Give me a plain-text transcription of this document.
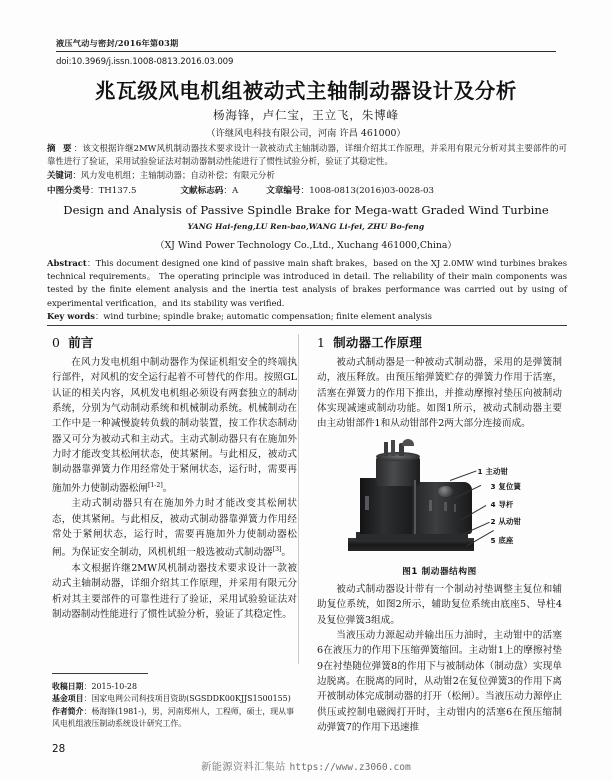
液压气动与密封/2016年第03期
doi:10.3969/j.issn.1008-0813.2016.03.009
兆瓦级风电机组被动式主轴制动器设计及分析
杨海锋，卢仁宝，王立飞，朱博峰
（许继风电科技有限公司，河南 许昌 461000）
摘 要：该文根据许继2MW风机制动器技术要求设计一款被动式主轴制动器，详细介绍其工作原理，并采用有限元分析对其主要部件的可靠性进行了验证，采用试验验证法对制动器制动性能进行了惯性试验分析，验证了其稳定性。
关键词：风力发电机组；主轴制动器；自动补偿；有限元分析
中图分类号：TH137.5	文献标志码：A	文章编号：1008-0813(2016)03-0028-03
Design and Analysis of Passive Spindle Brake for Mega-watt Graded Wind Turbine
YANG Hai-feng,LU Ren-bao,WANG Li-fei, ZHU Bo-feng
（XJ Wind Power Technology Co.,Ltd., Xuchang 461000,China）
Abstract：This document designed one kind of passive main shaft brakes，based on the XJ 2.0MW wind turbines brakes technical requirements。 The operating principle was introduced in detail. The reliability of their main components was tested by the finite element analysis and the inertia test analysis of brakes performance was carried out by using of experimental verification，and its stability was verified.
Key words：wind turbine; spindle brake; automatic compensation; finite element analysis
0 前言

在风力发电机组中制动器作为保证机组安全的终端执行部件，对风机的安全运行起着不可替代的作用。按照GL认证的相关内容，风机发电机组必须设有两套独立的制动系统，分别为气动制动系统和机械制动系统。机械制动在工作中是一种减慢旋转负载的制动装置，按工作状态制动器又可分为被动式和主动式。主动式制动器只有在施加外力时才能改变其松闸状态，使其紧闸。与此相反，被动式制动器靠弹簧力作用经常处于紧闸状态，运行时，需要再施加外力使制动器松闸[1-2]。

主动式制动器只有在施加外力时才能改变其松闸状态，使其紧闸。与此相反，被动式制动器靠弹簧力作用经常处于紧闸状态，运行时，需要再施加外力使制动器松闸。为保证安全制动，风机机组一般选被动式制动器[3]。

本文根据许继2MW风机制动器技术要求设计一款被动式主轴制动器，详细介绍其工作原理，并采用有限元分析对其主要部件的可靠性进行了验证，采用试验验证法对制动器制动性能进行了惯性试验分析，验证了其稳定性。

1 制动器工作原理

被动式制动器是一种被动式制动器，采用的是弹簧制动，液压释放。由预压缩弹簧贮存的弹簧力作用于活塞，活塞在弹簧力的作用下推出，并推动摩擦衬垫压向被制动体实现减速或制动功能。如图1所示，被动式制动器主要由主动钳部件1和从动钳部件2两大部分连接而成。

1 主动钳
3 复位簧
4 导杆
2 从动钳
5 底座
图1 制动器结构图

被动式制动器设计带有一个制动衬垫调整主复位和辅助复位系统，如图2所示，辅助复位系统由底座5、导柱4及复位弹簧3组成。

当液压动力源起动并输出压力油时，主动钳中的活塞6在液压力的作用下压缩弹簧缩回。主动钳1上的摩擦衬垫9在衬垫随位弹簧8的作用下与被制动体（制动盘）实现单边脱离。在脱离的同时，从动钳2在复位弹簧3的作用下离开被制动体完成制动器的打开（松闸）。当液压动力源停止供压或控制电磁阀打开时，主动钳内的活塞6在预压缩制动弹簧7的作用下迅速推

收稿日期：2015-10-28
基金项目：国家电网公司科技项目资助(SGSDDK00KJJS1500155)
作者简介：杨海锋(1981-)，男，河南郑州人，工程师，硕士，现从事风电机组液压制动系统设计研究工作。
28
新能源资料汇集站 https://www.z3060.com
